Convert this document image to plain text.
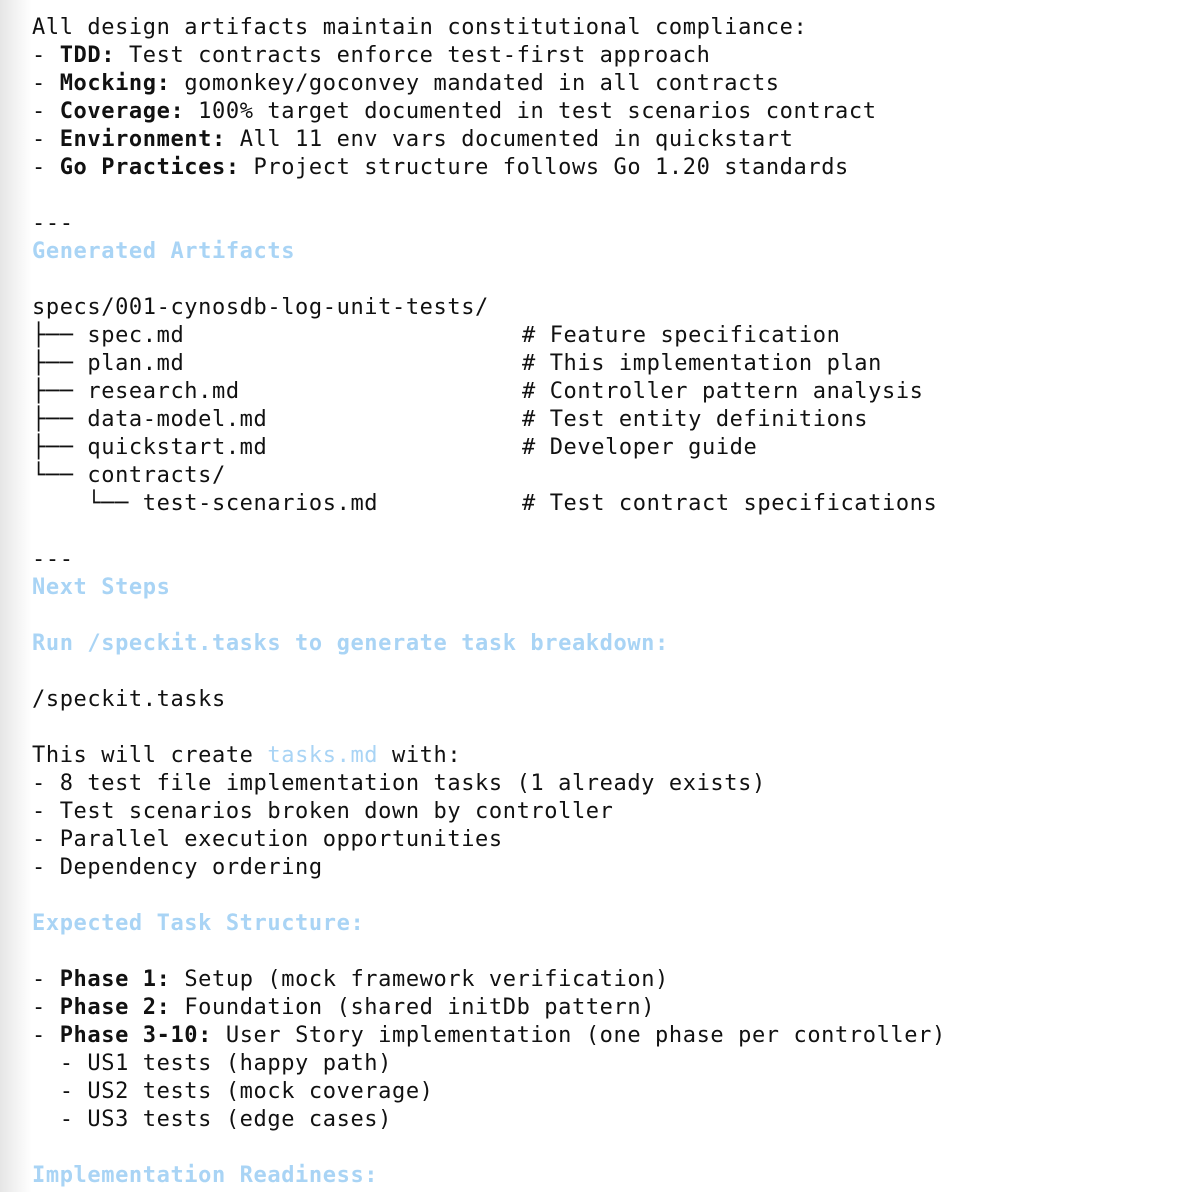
All design artifacts maintain constitutional compliance:
- TDD: Test contracts enforce test-first approach
- Mocking: gomonkey/goconvey mandated in all contracts
- Coverage: 100% target documented in test scenarios contract
- Environment: All 11 env vars documented in quickstart
- Go Practices: Project structure follows Go 1.20 standards
---
Generated Artifacts
specs/001-cynosdb-log-unit-tests/
├── spec.md	# Feature specification
├── plan.md	# This implementation plan
├── research.md	# Controller pattern analysis
├── data-model.md	# Test entity definitions
├── quickstart.md	# Developer guide
└── contracts/
└── test-scenarios.md	# Test contract specifications
---
Next Steps
Run /speckit.tasks to generate task breakdown:
/speckit.tasks
This will create tasks.md with:
- 8 test file implementation tasks (1 already exists)
- Test scenarios broken down by controller
- Parallel execution opportunities
- Dependency ordering
Expected Task Structure:
- Phase 1: Setup (mock framework verification)
- Phase 2: Foundation (shared initDb pattern)
- Phase 3-10: User Story implementation (one phase per controller)
- US1 tests (happy path)
- US2 tests (mock coverage)
- US3 tests (edge cases)
Implementation Readiness:
